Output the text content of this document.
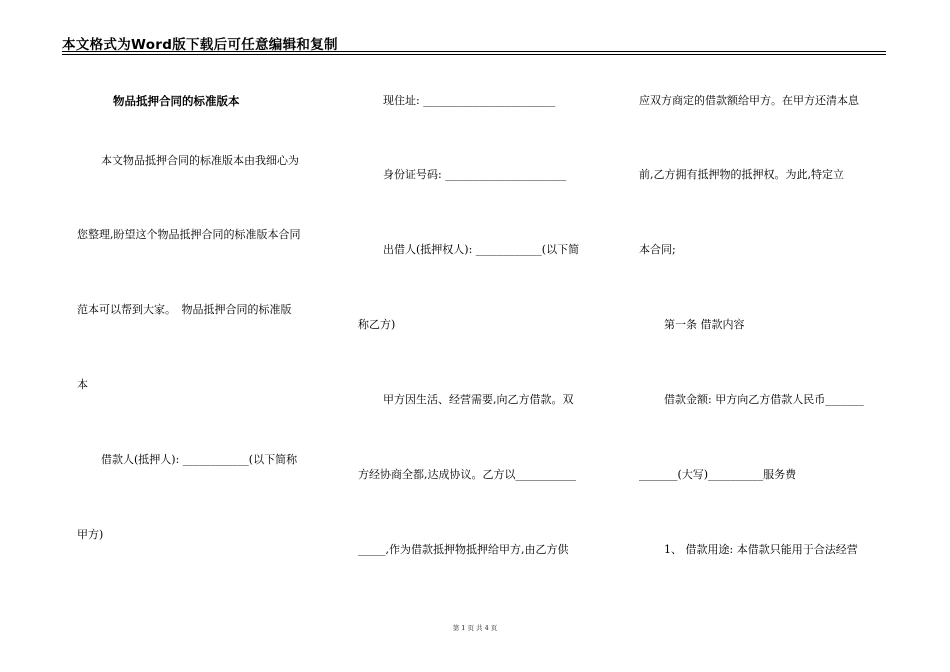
本文格式为Word版下载后可任意编辑和复制
物品抵押合同的标准版本
本文物品抵押合同的标准版本由我细心为
您整理,盼望这个物品抵押合同的标准版本合同
范本可以帮到大家。　物品抵押合同的标准版
本
借款人(抵押人): ____________(以下简称
甲方)
现住址: ________________________
身份证号码: ______________________
出借人(抵押权人): ____________(以下简
称乙方)
甲方因生活、经营需要,向乙方借款。双
方经协商全都,达成协议。乙方以___________
_____,作为借款抵押物抵押给甲方,由乙方供
应双方商定的借款额给甲方。在甲方还清本息
前,乙方拥有抵押物的抵押权。为此,特定立
本合同;
第一条 借款内容
借款金额: 甲方向乙方借款人民币_______
_______(大写)__________服务费
1、 借款用途: 本借款只能用于合法经营
第 1 页 共 4 页
